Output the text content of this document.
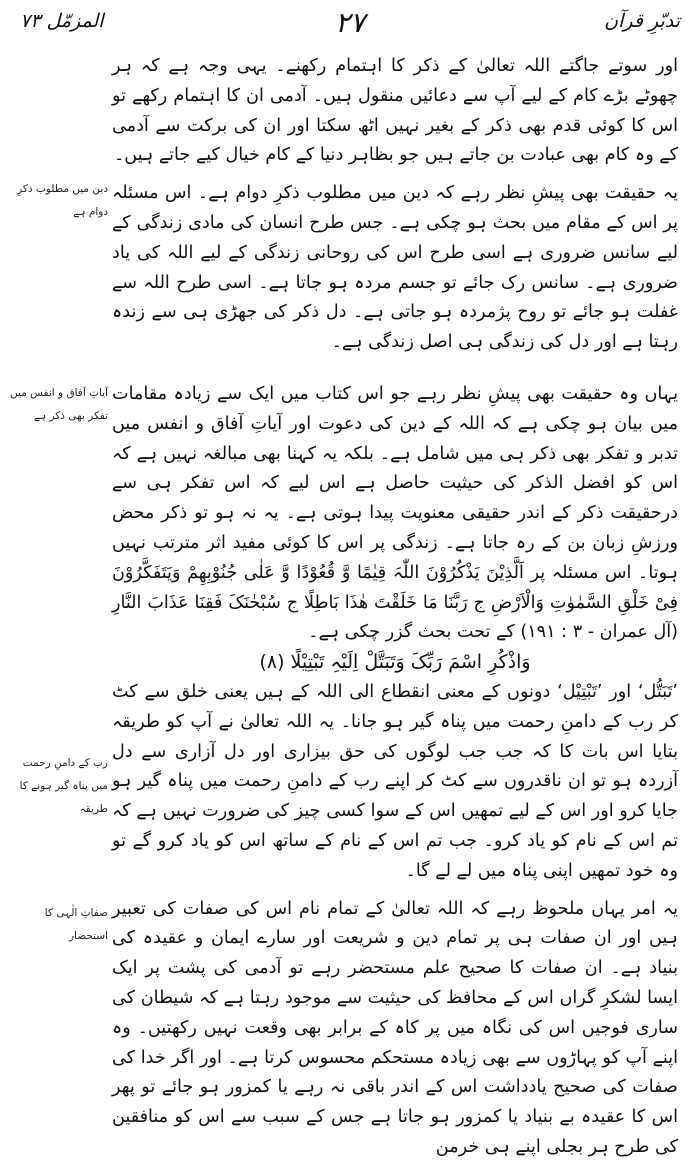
المزمّل ۷۳	۲۷	تدبّرِ قرآن

اور سوتے جاگتے اللہ تعالیٰ کے ذکر کا اہتمام رکھنے۔ یہی وجہ ہے کہ ہر چھوٹے بڑے کام کے لیے آپ سے دعائیں منقول ہیں۔ آدمی ان کا اہتمام رکھے تو اس کا کوئی قدم بھی ذکر کے بغیر نہیں اٹھ سکتا اور ان کی برکت سے آدمی کے وہ کام بھی عبادت بن جاتے ہیں جو بظاہر دنیا کے کام خیال کیے جاتے ہیں۔

یہ حقیقت بھی پیشِ نظر رہے کہ دین میں مطلوب ذکرِ دوام ہے۔ اس مسئلہ پر اس کے مقام میں بحث ہو چکی ہے۔ جس طرح انسان کی مادی زندگی کے لیے سانس ضروری ہے اسی طرح اس کی روحانی زندگی کے لیے اللہ کی یاد ضروری ہے۔ سانس رک جائے تو جسم مردہ ہو جاتا ہے۔ اسی طرح اللہ سے غفلت ہو جائے تو روح پژمردہ ہو جاتی ہے۔ دل ذکر کی جھڑی ہی سے زندہ رہتا ہے اور دل کی زندگی ہی اصل زندگی ہے۔

یہاں وہ حقیقت بھی پیشِ نظر رہے جو اس کتاب میں ایک سے زیادہ مقامات میں بیان ہو چکی ہے کہ اللہ کے دین کی دعوت اور آیاتِ آفاق و انفس میں تدبر و تفکر بھی ذکر ہی میں شامل ہے۔ بلکہ یہ کہنا بھی مبالغہ نہیں ہے کہ اس کو افضل الذکر کی حیثیت حاصل ہے اس لیے کہ اس تفکر ہی سے درحقیقت ذکر کے اندر حقیقی معنویت پیدا ہوتی ہے۔ یہ نہ ہو تو ذکر محض ورزشِ زبان بن کے رہ جاتا ہے۔ زندگی پر اس کا کوئی مفید اثر مترتب نہیں ہوتا۔ اس مسئلہ پر اَلَّذِیْنَ یَذْکُرُوْنَ اللّٰہَ قِیٰمًا وَّ قُعُوْدًا وَّ عَلٰی جُنُوْبِھِمْ وَیَتَفَکَّرُوْنَ فِیْ خَلْقِ السَّمٰوٰتِ وَالْاَرْضِ ج رَبَّنَا مَا خَلَقْتَ ھٰذَا بَاطِلًا ج سُبْحٰنَکَ فَقِنَا عَذَابَ النَّارِ (آل عمران - ۳ : ۱۹۱) کے تحت بحث گزر چکی ہے۔

وَاذْکُرِ اسْمَ رَبِّکَ وَتَبَتَّلْ اِلَیْہِ تَبْتِیْلًا (۸)

’تَبَتُّل‘ اور ’تَبْتِیْل‘ دونوں کے معنی انقطاع الی اللہ کے ہیں یعنی خلق سے کٹ کر رب کے دامنِ رحمت میں پناہ گیر ہو جانا۔ یہ اللہ تعالیٰ نے آپ کو طریقہ بتایا اس بات کا کہ جب جب لوگوں کی حق بیزاری اور دل آزاری سے دل آزردہ ہو تو ان ناقدروں سے کٹ کر اپنے رب کے دامنِ رحمت میں پناہ گیر ہو جایا کرو اور اس کے لیے تمھیں اس کے سوا کسی چیز کی ضرورت نہیں ہے کہ تم اس کے نام کو یاد کرو۔ جب تم اس کے نام کے ساتھ اس کو یاد کرو گے تو وہ خود تمھیں اپنی پناہ میں لے لے گا۔

یہ امر یہاں ملحوظ رہے کہ اللہ تعالیٰ کے تمام نام اس کی صفات کی تعبیر ہیں اور ان صفات ہی پر تمام دین و شریعت اور سارے ایمان و عقیدہ کی بنیاد ہے۔ ان صفات کا صحیح علم مستحضر رہے تو آدمی کی پشت پر ایک ایسا لشکرِ گراں اس کے محافظ کی حیثیت سے موجود رہتا ہے کہ شیطان کی ساری فوجیں اس کی نگاہ میں پر کاہ کے برابر بھی وقعت نہیں رکھتیں۔ وہ اپنے آپ کو پہاڑوں سے بھی زیادہ مستحکم محسوس کرتا ہے۔ اور اگر خدا کی صفات کی صحیح یادداشت اس کے اندر باقی نہ رہے یا کمزور ہو جائے تو پھر اس کا عقیدہ بے بنیاد یا کمزور ہو جاتا ہے جس کے سبب سے اس کو منافقین کی طرح ہر بجلی اپنے ہی خرمن

دین میں مطلوب ذکرِ دوام ہے
آیاتِ آفاق و انفس میں تفکر بھی ذکر ہے
رب کے دامنِ رحمت میں پناہ گیر ہونے کا طریقہ
صفاتِ الٰہی کا استحضار
